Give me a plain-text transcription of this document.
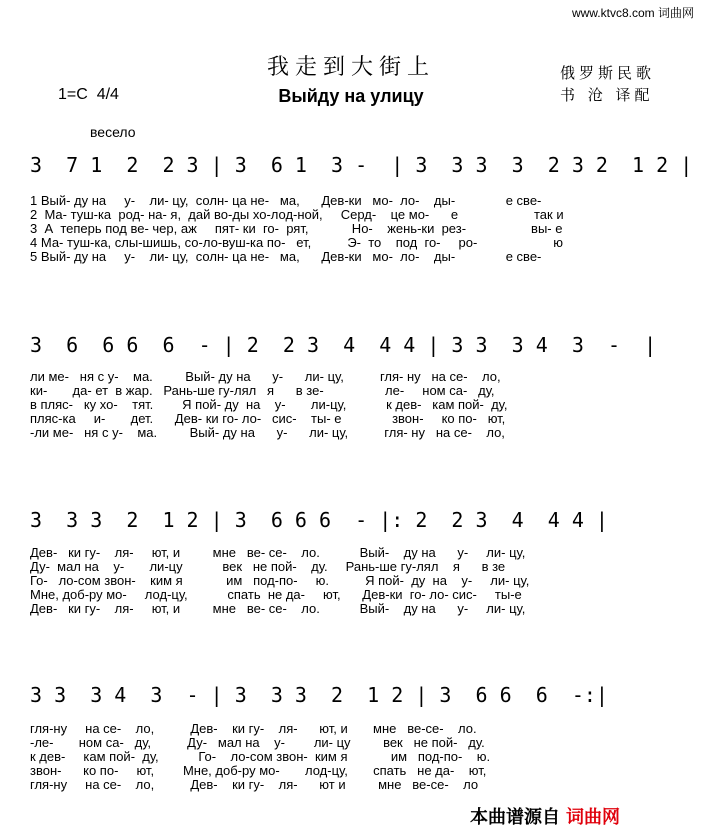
www.ktvc8.com 词曲网
我走到大街上
Выйду на улицу
1=C  4/4
俄罗斯民歌
书 沧 译配
весело
3  7 1  2  2 3 | 3  6 1  3 -  | 3  3 3  3  2 3 2  1 2 |
1 Вый- ду на     у-    ли- цу,  солн- ца не-   ма,      Дев-ки   мо-  ло-    ды-              е све-
2  Ма- туш-ка  род- на- я,  дай во-ды хо-лод-ной,     Серд-    це мо-      е                     так и
3  А  теперь под ве- чер, аж     пят- ки  го-  рят,            Но-    жень-ки  рез-                  вы- е
4 Ма- туш-ка, слы-шишь, со-ло-вуш-ка по-   ет,          Э-  то    под  го-     ро-                     ю
5 Вый- ду на     у-    ли- цу,  солн- ца не-   ма,      Дев-ки   мо-  ло-    ды-              е све-
3  6  6 6  6  - | 2  2 3  4  4 4 | 3 3  3 4  3  -  |
ли ме-   ня с у-    ма.         Вый- ду на      у-      ли- цу,          гля- ну   на се-    ло,
ки-       да- ет  в жар.   Рань-ше гу-лял   я      в зе-                 ле-     ном са-   ду,
в пляс-   ку хо-    тят.        Я пой- ду  на    у-       ли-цу,           к дев-   кам пой-  ду,
пляс-ка     и-       дет.      Дев- ки го- ло-   сис-    ты- е              звон-     ко по-   ют,
-ли ме-   ня с у-    ма.         Вый- ду на      у-      ли- цу,          гля- ну   на се-    ло,
3  3 3  2  1 2 | 3  6 6 6  - |: 2  2 3  4  4 4 |
Дев-   ки гу-    ля-     ют, и         мне   ве- се-    ло.           Вый-    ду на      у-     ли- цу,
Ду-  мал на    у-       ли-цу           век   не пой-    ду.     Рань-ше гу-лял    я      в зе
Го-   ло-сом звон-    ким я            им   под-по-     ю.          Я пой-  ду  на    у-     ли- цу,
Мне, доб-ру мо-     лод-цу,           спать  не да-     ют,      Дев-ки  го- ло- сис-     ты-е
Дев-   ки гу-    ля-     ют, и         мне   ве- се-    ло.           Вый-    ду на      у-     ли- цу,
3 3  3 4  3  - | 3  3 3  2  1 2 | 3  6 6  6  -:|
гля-ну     на се-    ло,          Дев-    ки гу-    ля-      ют, и       мне   ве-се-    ло.
-ле-       ном са-   ду,          Ду-   мал на    у-        ли- цу         век   не пой-   ду.
к дев-     кам пой-  ду,           Го-    ло-сом звон-  ким я            им   под-по-    ю.
звон-      ко по-     ют,        Мне, доб-ру мо-       лод-цу,       спать   не да-    ют,
гля-ну     на се-    ло,          Дев-    ки гу-    ля-      ют и         мне   ве-се-    ло
本曲谱源自 词曲网
